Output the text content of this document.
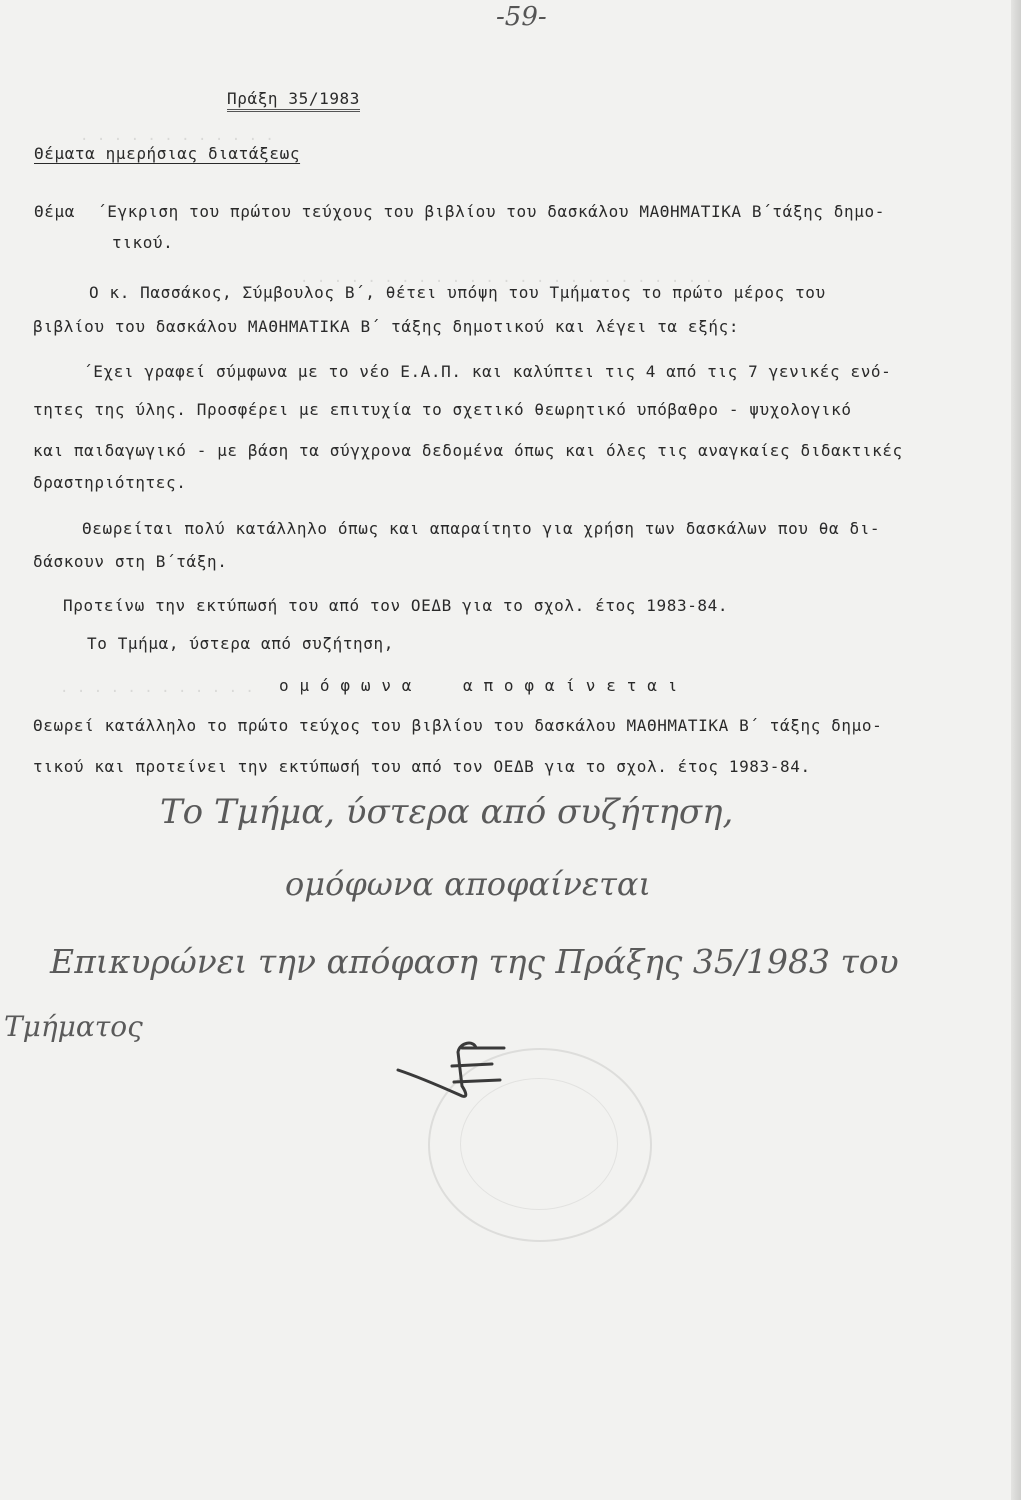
. . . . . . . . . . . .
. . . . . . . . . . . . . . . . . . . . . . . . .
. . . . . . . . . . . .
-59-
Πράξη 35/1983
Θέματα ημερήσιας διατάξεως
Θέμα ΄Εγκριση του πρώτου τεύχους του βιβλίου του δασκάλου ΜΑΘΗΜΑΤΙΚΑ Β΄τάξης δημο-
τικού.
Ο κ. Πασσάκος, Σύμβουλος Β΄, θέτει υπόψη του Τμήματος το πρώτο μέρος του
βιβλίου του δασκάλου ΜΑΘΗΜΑΤΙΚΑ Β΄ τάξης δημοτικού και λέγει τα εξής:
΄Εχει γραφεί σύμφωνα με το νέο Ε.Α.Π. και καλύπτει τις 4 από τις 7 γενικές ενό-
τητες της ύλης. Προσφέρει με επιτυχία το σχετικό θεωρητικό υπόβαθρο - ψυχολογικό
και παιδαγωγικό - με βάση τα σύγχρονα δεδομένα όπως και όλες τις αναγκαίες διδακτικές
δραστηριότητες.
Θεωρείται πολύ κατάλληλο όπως και απαραίτητο για χρήση των δασκάλων που θα δι-
δάσκουν στη Β΄τάξη.
Προτείνω την εκτύπωσή του από τον ΟΕΔΒ για το σχολ. έτος 1983-84.
Το Τμήμα, ύστερα από συζήτηση,
ο μ ό φ ω ν α	α π ο φ α ί ν ε τ α ι
Θεωρεί κατάλληλο το πρώτο τεύχος του βιβλίου του δασκάλου ΜΑΘΗΜΑΤΙΚΑ Β΄ τάξης δημο-
τικού και προτείνει την εκτύπωσή του από τον ΟΕΔΒ για το σχολ. έτος 1983-84.
Το Τμήμα, ύστερα από συζήτηση,
ομόφωνα αποφαίνεται
Επικυρώνει την απόφαση της Πράξης 35/1983 του
Τμήματος
